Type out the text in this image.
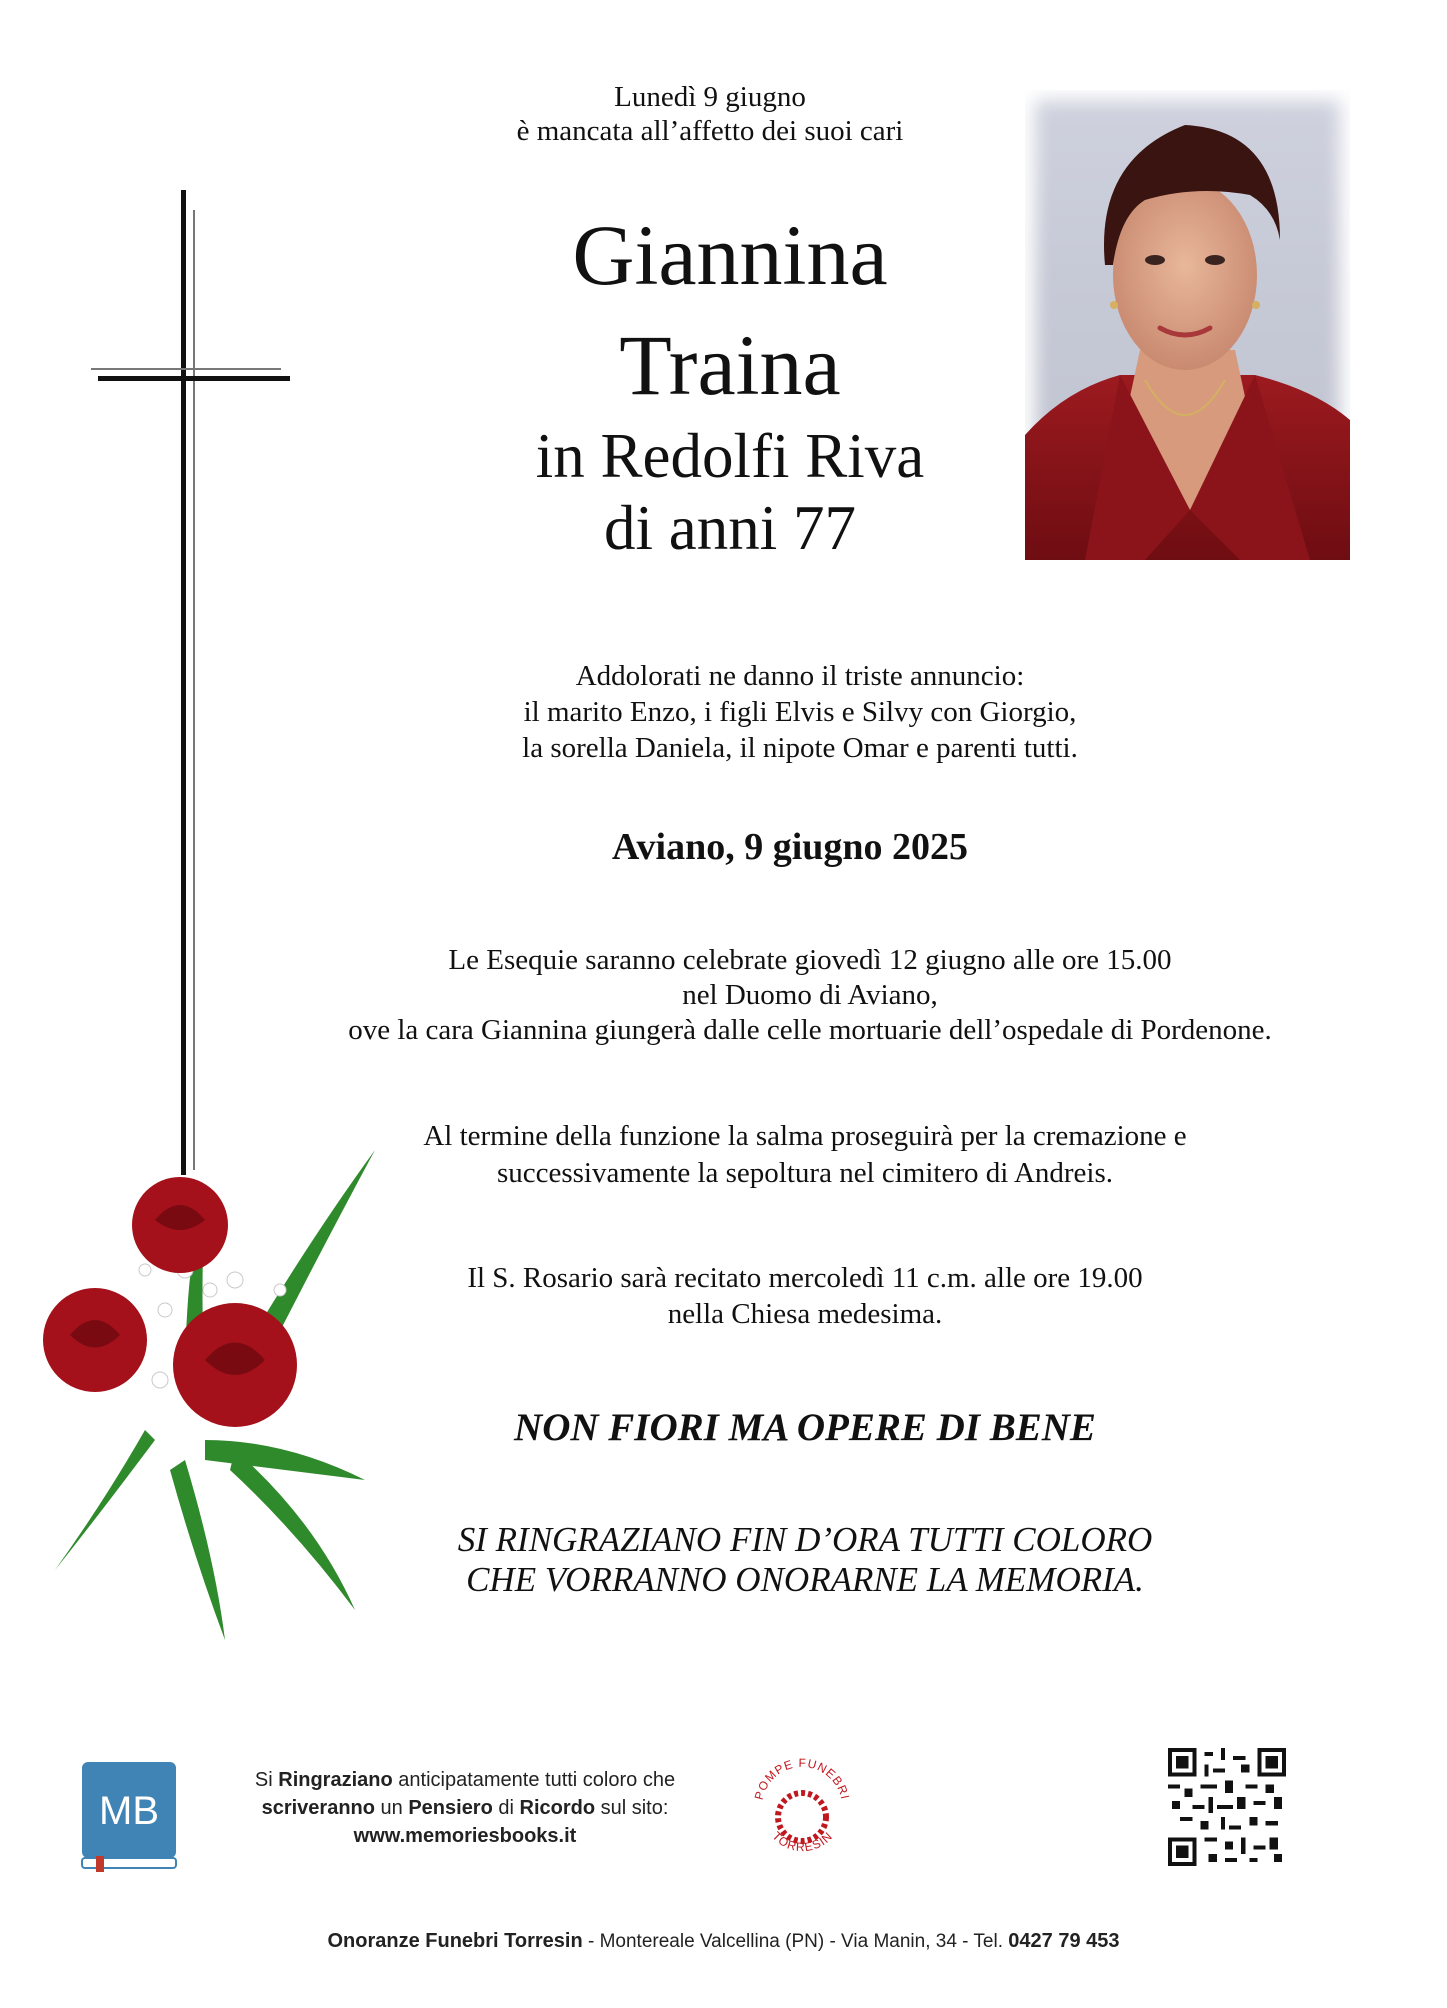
Lunedì 9 giugno
è mancata all’affetto dei suoi cari
Giannina
Traina
in Redolfi Riva
di anni 77
Addolorati ne danno il triste annuncio:
il marito Enzo, i figli Elvis e Silvy con Giorgio,
la sorella Daniela, il nipote Omar e parenti tutti.
Aviano, 9 giugno 2025
Le Esequie saranno celebrate giovedì 12 giugno alle ore 15.00
nel Duomo di Aviano,
ove la cara Giannina giungerà dalle celle mortuarie dell’ospedale di Pordenone.
Al termine della funzione la salma proseguirà per la cremazione e
successivamente la sepoltura nel cimitero di Andreis.
Il S. Rosario sarà recitato mercoledì 11 c.m. alle ore 19.00
nella Chiesa medesima.
NON FIORI MA OPERE DI BENE
SI RINGRAZIANO FIN D’ORA TUTTI COLORO
CHE VORRANNO ONORARNE LA MEMORIA.
MB
Si Ringraziano anticipatamente tutti coloro che
scriveranno un Pensiero di Ricordo sul sito:
www.memoriesbooks.it
POMPE FUNEBRI
TORRESIN
Onoranze Funebri Torresin - Montereale Valcellina (PN) - Via Manin, 34 - Tel. 0427 79 453
